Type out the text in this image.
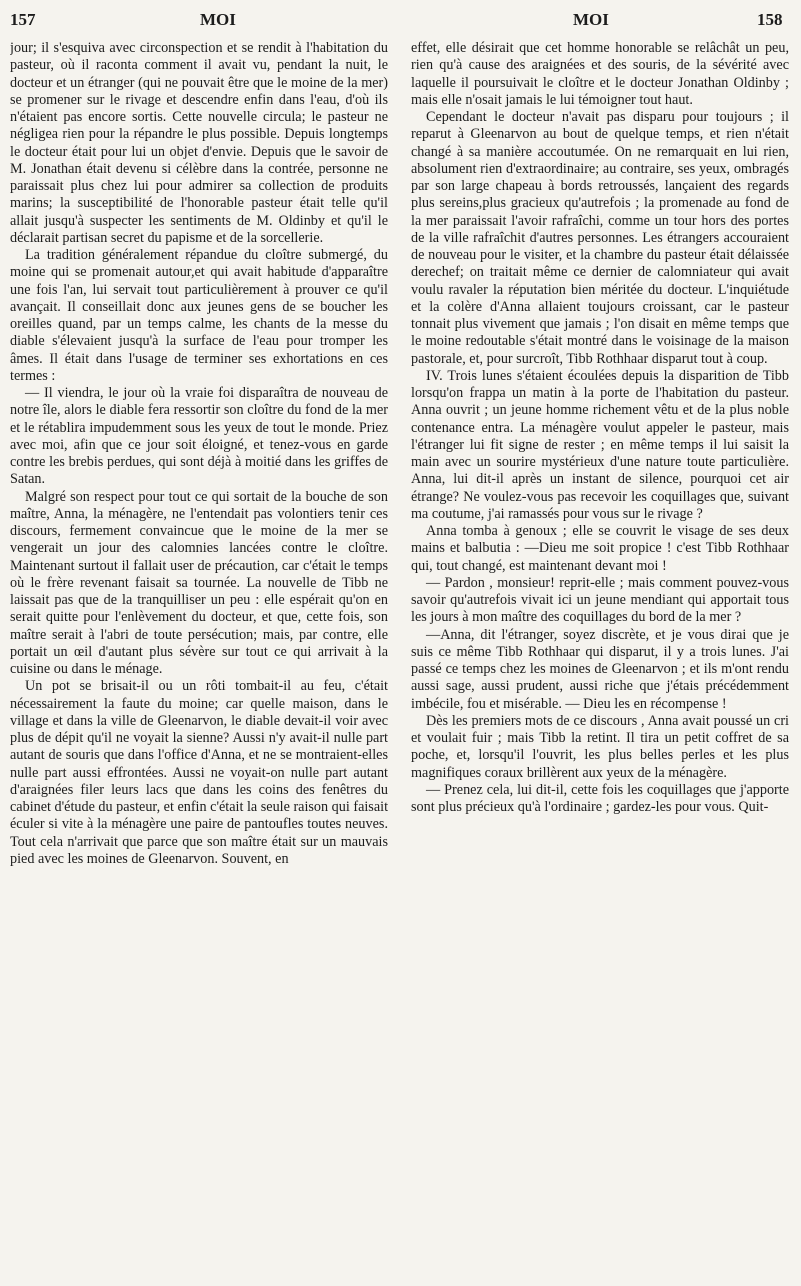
157	MOI	MOI	158

jour; il s'esquiva avec circonspection et se rendit à l'habitation du pasteur, où il raconta comment il avait vu, pendant la nuit, le docteur et un étranger (qui ne pouvait être que le moine de la mer) se promener sur le rivage et descendre enfin dans l'eau, d'où ils n'étaient pas encore sortis. Cette nouvelle circula; le pasteur ne négligea rien pour la répandre le plus possible. Depuis longtemps le docteur était pour lui un objet d'envie. Depuis que le savoir de M. Jonathan était devenu si célèbre dans la contrée, personne ne paraissait plus chez lui pour admirer sa collection de produits marins; la susceptibilité de l'honorable pasteur était telle qu'il allait jusqu'à suspecter les sentiments de M. Oldinby et qu'il le déclarait partisan secret du papisme et de la sorcellerie.

La tradition généralement répandue du cloître submergé, du moine qui se promenait autour,et qui avait habitude d'apparaître une fois l'an, lui servait tout particulièrement à prouver ce qu'il avançait. Il conseillait donc aux jeunes gens de se boucher les oreilles quand, par un temps calme, les chants de la messe du diable s'élevaient jusqu'à la surface de l'eau pour tromper les âmes. Il était dans l'usage de terminer ses exhortations en ces termes :

— Il viendra, le jour où la vraie foi disparaîtra de nouveau de notre île, alors le diable fera ressortir son cloître du fond de la mer et le rétablira impudemment sous les yeux de tout le monde. Priez avec moi, afin que ce jour soit éloigné, et tenez-vous en garde contre les brebis perdues, qui sont déjà à moitié dans les griffes de Satan.

Malgré son respect pour tout ce qui sortait de la bouche de son maître, Anna, la ménagère, ne l'entendait pas volontiers tenir ces discours, fermement convaincue que le moine de la mer se vengerait un jour des calomnies lancées contre le cloître. Maintenant surtout il fallait user de précaution, car c'était le temps où le frère revenant faisait sa tournée. La nouvelle de Tibb ne laissait pas que de la tranquilliser un peu : elle espérait qu'on en serait quitte pour l'enlèvement du docteur, et que, cette fois, son maître serait à l'abri de toute persécution; mais, par contre, elle portait un œil d'autant plus sévère sur tout ce qui arrivait à la cuisine ou dans le ménage.

Un pot se brisait-il ou un rôti tombait-il au feu, c'était nécessairement la faute du moine; car quelle maison, dans le village et dans la ville de Gleenarvon, le diable devait-il voir avec plus de dépit qu'il ne voyait la sienne? Aussi n'y avait-il nulle part autant de souris que dans l'office d'Anna, et ne se montraient-elles nulle part aussi effrontées. Aussi ne voyait-on nulle part autant d'araignées filer leurs lacs que dans les coins des fenêtres du cabinet d'étude du pasteur, et enfin c'était la seule raison qui faisait éculer si vite à la ménagère une paire de pantoufles toutes neuves. Tout cela n'arrivait que parce que son maître était sur un mauvais pied avec les moines de Gleenarvon. Souvent, en

effet, elle désirait que cet homme honorable se relâchât un peu, rien qu'à cause des araignées et des souris, de la sévérité avec laquelle il poursuivait le cloître et le docteur Jonathan Oldinby ; mais elle n'osait jamais le lui témoigner tout haut.

Cependant le docteur n'avait pas disparu pour toujours ; il reparut à Gleenarvon au bout de quelque temps, et rien n'était changé à sa manière accoutumée. On ne remarquait en lui rien, absolument rien d'extraordinaire; au contraire, ses yeux, ombragés par son large chapeau à bords retroussés, lançaient des regards plus sereins,plus gracieux qu'autrefois ; la promenade au fond de la mer paraissait l'avoir rafraîchi, comme un tour hors des portes de la ville rafraîchit d'autres personnes. Les étrangers accouraient de nouveau pour le visiter, et la chambre du pasteur était délaissée derechef; on traitait même ce dernier de calomniateur qui avait voulu ravaler la réputation bien méritée du docteur. L'inquiétude et la colère d'Anna allaient toujours croissant, car le pasteur tonnait plus vivement que jamais ; l'on disait en même temps que le moine redoutable s'était montré dans le voisinage de la maison pastorale, et, pour surcroît, Tibb Rothhaar disparut tout à coup.

IV. Trois lunes s'étaient écoulées depuis la disparition de Tibb lorsqu'on frappa un matin à la porte de l'habitation du pasteur. Anna ouvrit ; un jeune homme richement vêtu et de la plus noble contenance entra. La ménagère voulut appeler le pasteur, mais l'étranger lui fit signe de rester ; en même temps il lui saisit la main avec un sourire mystérieux d'une nature toute particulière. Anna, lui dit-il après un instant de silence, pourquoi cet air étrange? Ne voulez-vous pas recevoir les coquillages que, suivant ma coutume, j'ai ramassés pour vous sur le rivage ?

Anna tomba à genoux ; elle se couvrit le visage de ses deux mains et balbutia : —Dieu me soit propice ! c'est Tibb Rothhaar qui, tout changé, est maintenant devant moi !

— Pardon , monsieur! reprit-elle ; mais comment pouvez-vous savoir qu'autrefois vivait ici un jeune mendiant qui apportait tous les jours à mon maître des coquillages du bord de la mer ?

—Anna, dit l'étranger, soyez discrète, et je vous dirai que je suis ce même Tibb Rothhaar qui disparut, il y a trois lunes. J'ai passé ce temps chez les moines de Gleenarvon ; et ils m'ont rendu aussi sage, aussi prudent, aussi riche que j'étais précédemment imbécile, fou et misérable. — Dieu les en récompense !

Dès les premiers mots de ce discours , Anna avait poussé un cri et voulait fuir ; mais Tibb la retint. Il tira un petit coffret de sa poche, et, lorsqu'il l'ouvrit, les plus belles perles et les plus magnifiques coraux brillèrent aux yeux de la ménagère.

— Prenez cela, lui dit-il, cette fois les coquillages que j'apporte sont plus précieux qu'à l'ordinaire ; gardez-les pour vous. Quit-
